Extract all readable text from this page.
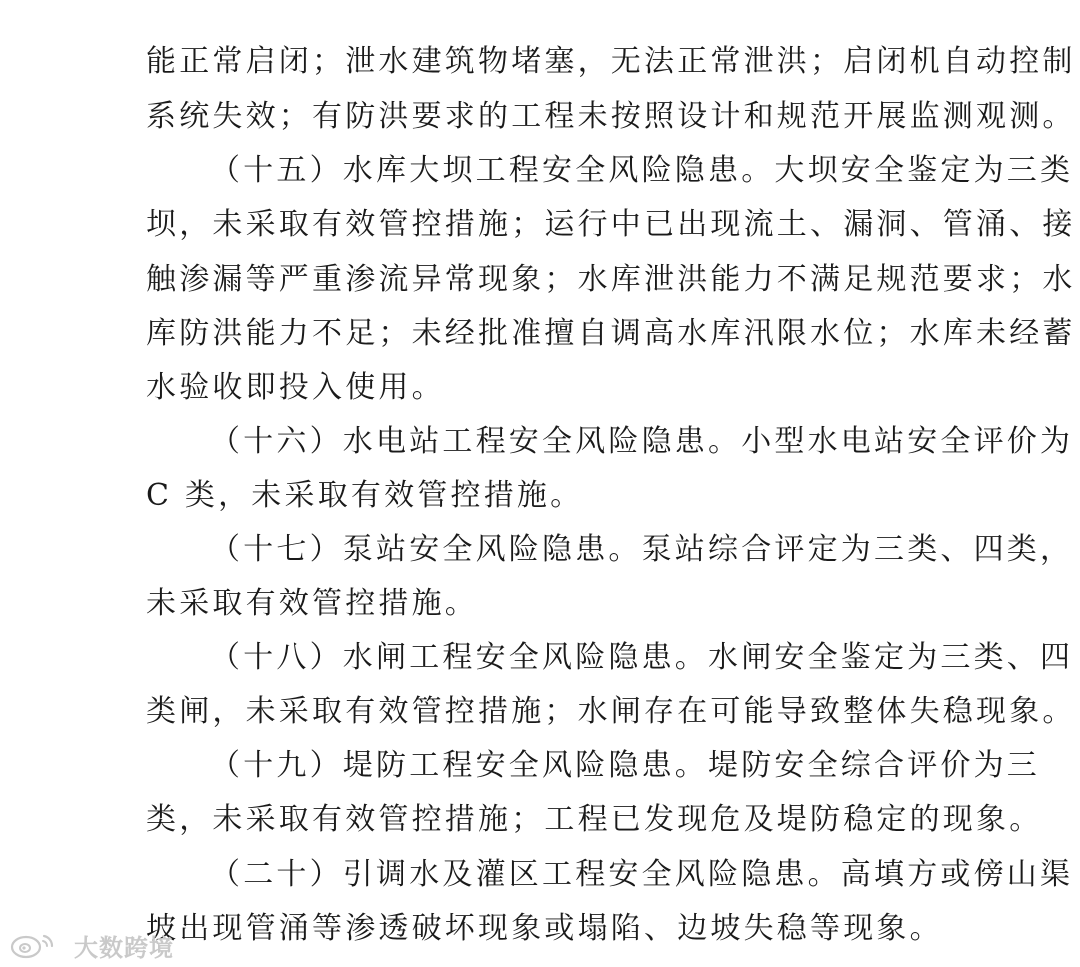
能正常启闭；泄水建筑物堵塞，无法正常泄洪；启闭机自动控制
系统失效；有防洪要求的工程未按照设计和规范开展监测观测。
（十五）水库大坝工程安全风险隐患。大坝安全鉴定为三类
坝，未采取有效管控措施；运行中已出现流土、漏洞、管涌、接
触渗漏等严重渗流异常现象；水库泄洪能力不满足规范要求；水
库防洪能力不足；未经批准擅自调高水库汛限水位；水库未经蓄
水验收即投入使用。
（十六）水电站工程安全风险隐患。小型水电站安全评价为
C 类，未采取有效管控措施。
（十七）泵站安全风险隐患。泵站综合评定为三类、四类，
未采取有效管控措施。
（十八）水闸工程安全风险隐患。水闸安全鉴定为三类、四
类闸，未采取有效管控措施；水闸存在可能导致整体失稳现象。
（十九）堤防工程安全风险隐患。堤防安全综合评价为三
类，未采取有效管控措施；工程已发现危及堤防稳定的现象。
（二十）引调水及灌区工程安全风险隐患。高填方或傍山渠
坡出现管涌等渗透破坏现象或塌陷、边坡失稳等现象。
大数跨境
